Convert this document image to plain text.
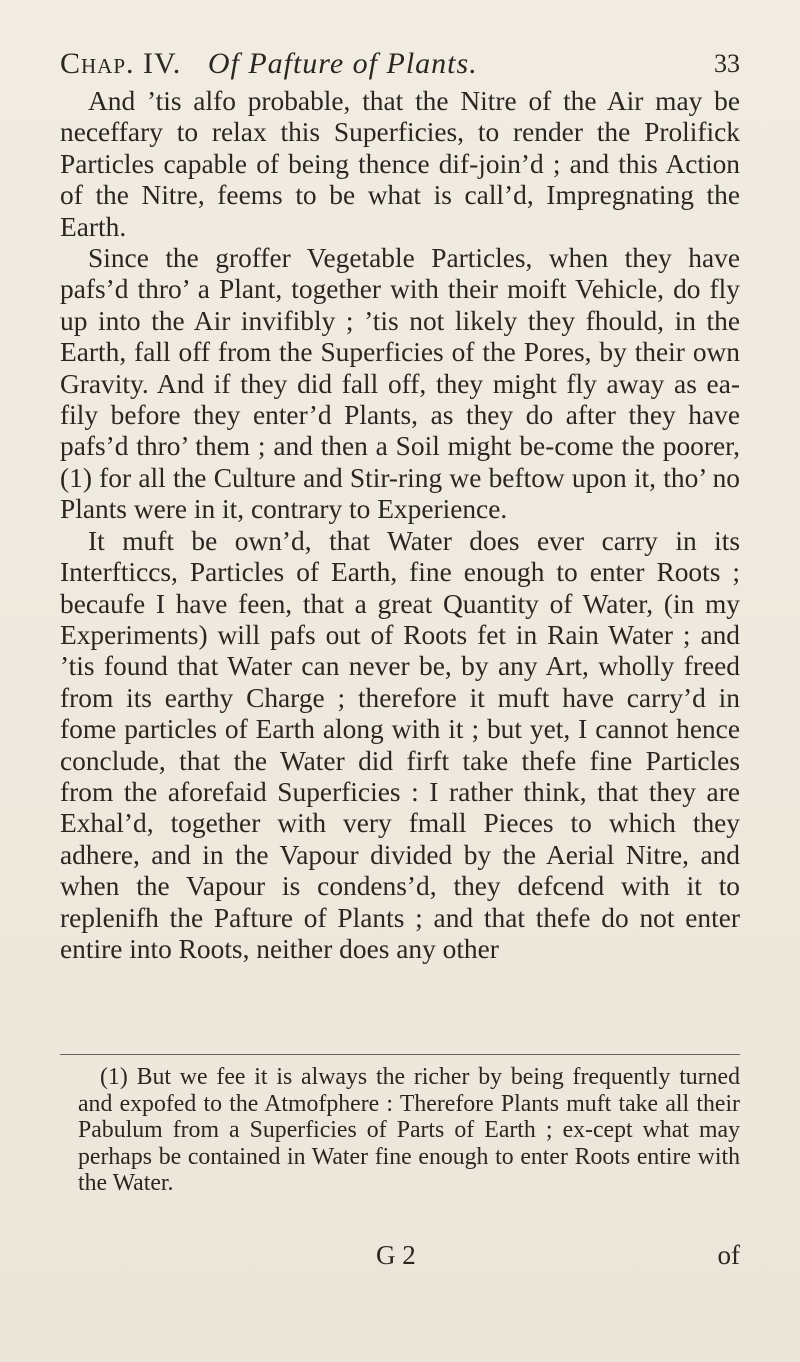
Chap. IV. Of Pafture of Plants.	33

And ’tis alfo probable, that the Nitre of the Air may be neceffary to relax this Superficies, to render the Prolifick Particles capable of being thence dif-join’d ; and this Action of the Nitre, feems to be what is call’d, Impregnating the Earth.

Since the groffer Vegetable Particles, when they have pafs’d thro’ a Plant, together with their moift Vehicle, do fly up into the Air invifibly ; ’tis not likely they fhould, in the Earth, fall off from the Superficies of the Pores, by their own Gravity. And if they did fall off, they might fly away as ea-fily before they enter’d Plants, as they do after they have pafs’d thro’ them ; and then a Soil might be-come the poorer, (1) for all the Culture and Stir-ring we beftow upon it, tho’ no Plants were in it, contrary to Experience.

It muft be own’d, that Water does ever carry in its Interfticcs, Particles of Earth, fine enough to enter Roots ; becaufe I have feen, that a great Quantity of Water, (in my Experiments) will pafs out of Roots fet in Rain Water ; and ’tis found that Water can never be, by any Art, wholly freed from its earthy Charge ; therefore it muft have carry’d in fome particles of Earth along with it ; but yet, I cannot hence conclude, that the Water did firft take thefe fine Particles from the aforefaid Superficies : I rather think, that they are Exhal’d, together with very fmall Pieces to which they adhere, and in the Vapour divided by the Aerial Nitre, and when the Vapour is condens’d, they defcend with it to replenifh the Pafture of Plants ; and that thefe do not enter entire into Roots, neither does any other

(1) But we fee it is always the richer by being frequently turned and expofed to the Atmofphere : Therefore Plants muft take all their Pabulum from a Superficies of Parts of Earth ; ex-cept what may perhaps be contained in Water fine enough to enter Roots entire with the Water.
G 2	of
